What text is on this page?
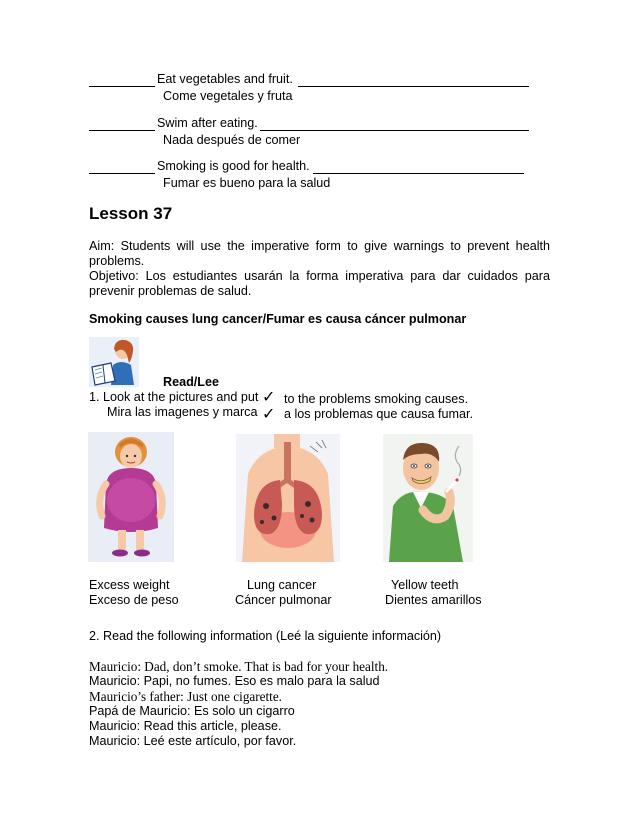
Eat vegetables and fruit.
Come vegetales y fruta
Swim after eating.
Nada después de comer
Smoking is good for health.
Fumar es bueno para la salud
Lesson 37
Aim: Students will use the imperative form to give warnings to prevent health
problems.
Objetivo: Los estudiantes usarán la forma imperativa para dar cuidados para
prevenir problemas de salud.
Smoking causes lung cancer/Fumar es causa cáncer pulmonar
Read/Lee
1. Look at the pictures and put ✓ to the problems smoking causes.
Mira las imagenes y marca ✓ a los problemas que causa fumar.
Excess weight
Exceso de peso
Lung cancer
Cáncer pulmonar
Yellow teeth
Dientes amarillos
2. Read the following information (Leé la siguiente información)
Mauricio: Dad, don’t smoke. That is bad for your health.
Mauricio: Papi, no fumes. Eso es malo para la salud
Mauricio’s father: Just one cigarette.
Papá de Mauricio: Es solo un cigarro
Mauricio: Read this article, please.
Mauricio: Leé este artículo, por favor.
